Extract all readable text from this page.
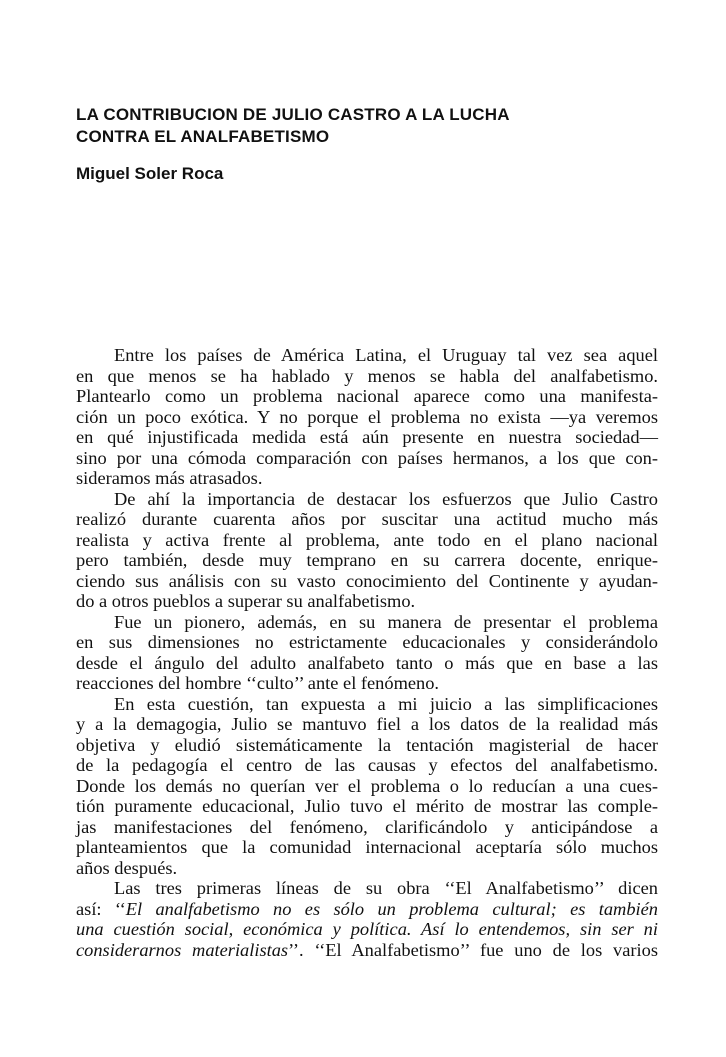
LA CONTRIBUCION DE JULIO CASTRO A LA LUCHA
CONTRA EL ANALFABETISMO
Miguel Soler Roca
Entre los países de América Latina, el Uruguay tal vez sea aquel
en que menos se ha hablado y menos se habla del analfabetismo.
Plantearlo como un problema nacional aparece como una manifesta-
ción un poco exótica. Y no porque el problema no exista —ya veremos
en qué injustificada medida está aún presente en nuestra sociedad—
sino por una cómoda comparación con países hermanos, a los que con-
sideramos más atrasados.
De ahí la importancia de destacar los esfuerzos que Julio Castro
realizó durante cuarenta años por suscitar una actitud mucho más
realista y activa frente al problema, ante todo en el plano nacional
pero también, desde muy temprano en su carrera docente, enrique-
ciendo sus análisis con su vasto conocimiento del Continente y ayudan-
do a otros pueblos a superar su analfabetismo.
Fue un pionero, además, en su manera de presentar el problema
en sus dimensiones no estrictamente educacionales y considerándolo
desde el ángulo del adulto analfabeto tanto o más que en base a las
reacciones del hombre ‘‘culto’’ ante el fenómeno.
En esta cuestión, tan expuesta a mi juicio a las simplificaciones
y a la demagogia, Julio se mantuvo fiel a los datos de la realidad más
objetiva y eludió sistemáticamente la tentación magisterial de hacer
de la pedagogía el centro de las causas y efectos del analfabetismo.
Donde los demás no querían ver el problema o lo reducían a una cues-
tión puramente educacional, Julio tuvo el mérito de mostrar las comple-
jas manifestaciones del fenómeno, clarificándolo y anticipándose a
planteamientos que la comunidad internacional aceptaría sólo muchos
años después.
Las tres primeras líneas de su obra ‘‘El Analfabetismo’’ dicen
así: ‘‘El analfabetismo no es sólo un problema cultural; es también
una cuestión social, económica y política. Así lo entendemos, sin ser ni
considerarnos materialistas’’. ‘‘El Analfabetismo’’ fue uno de los varios
